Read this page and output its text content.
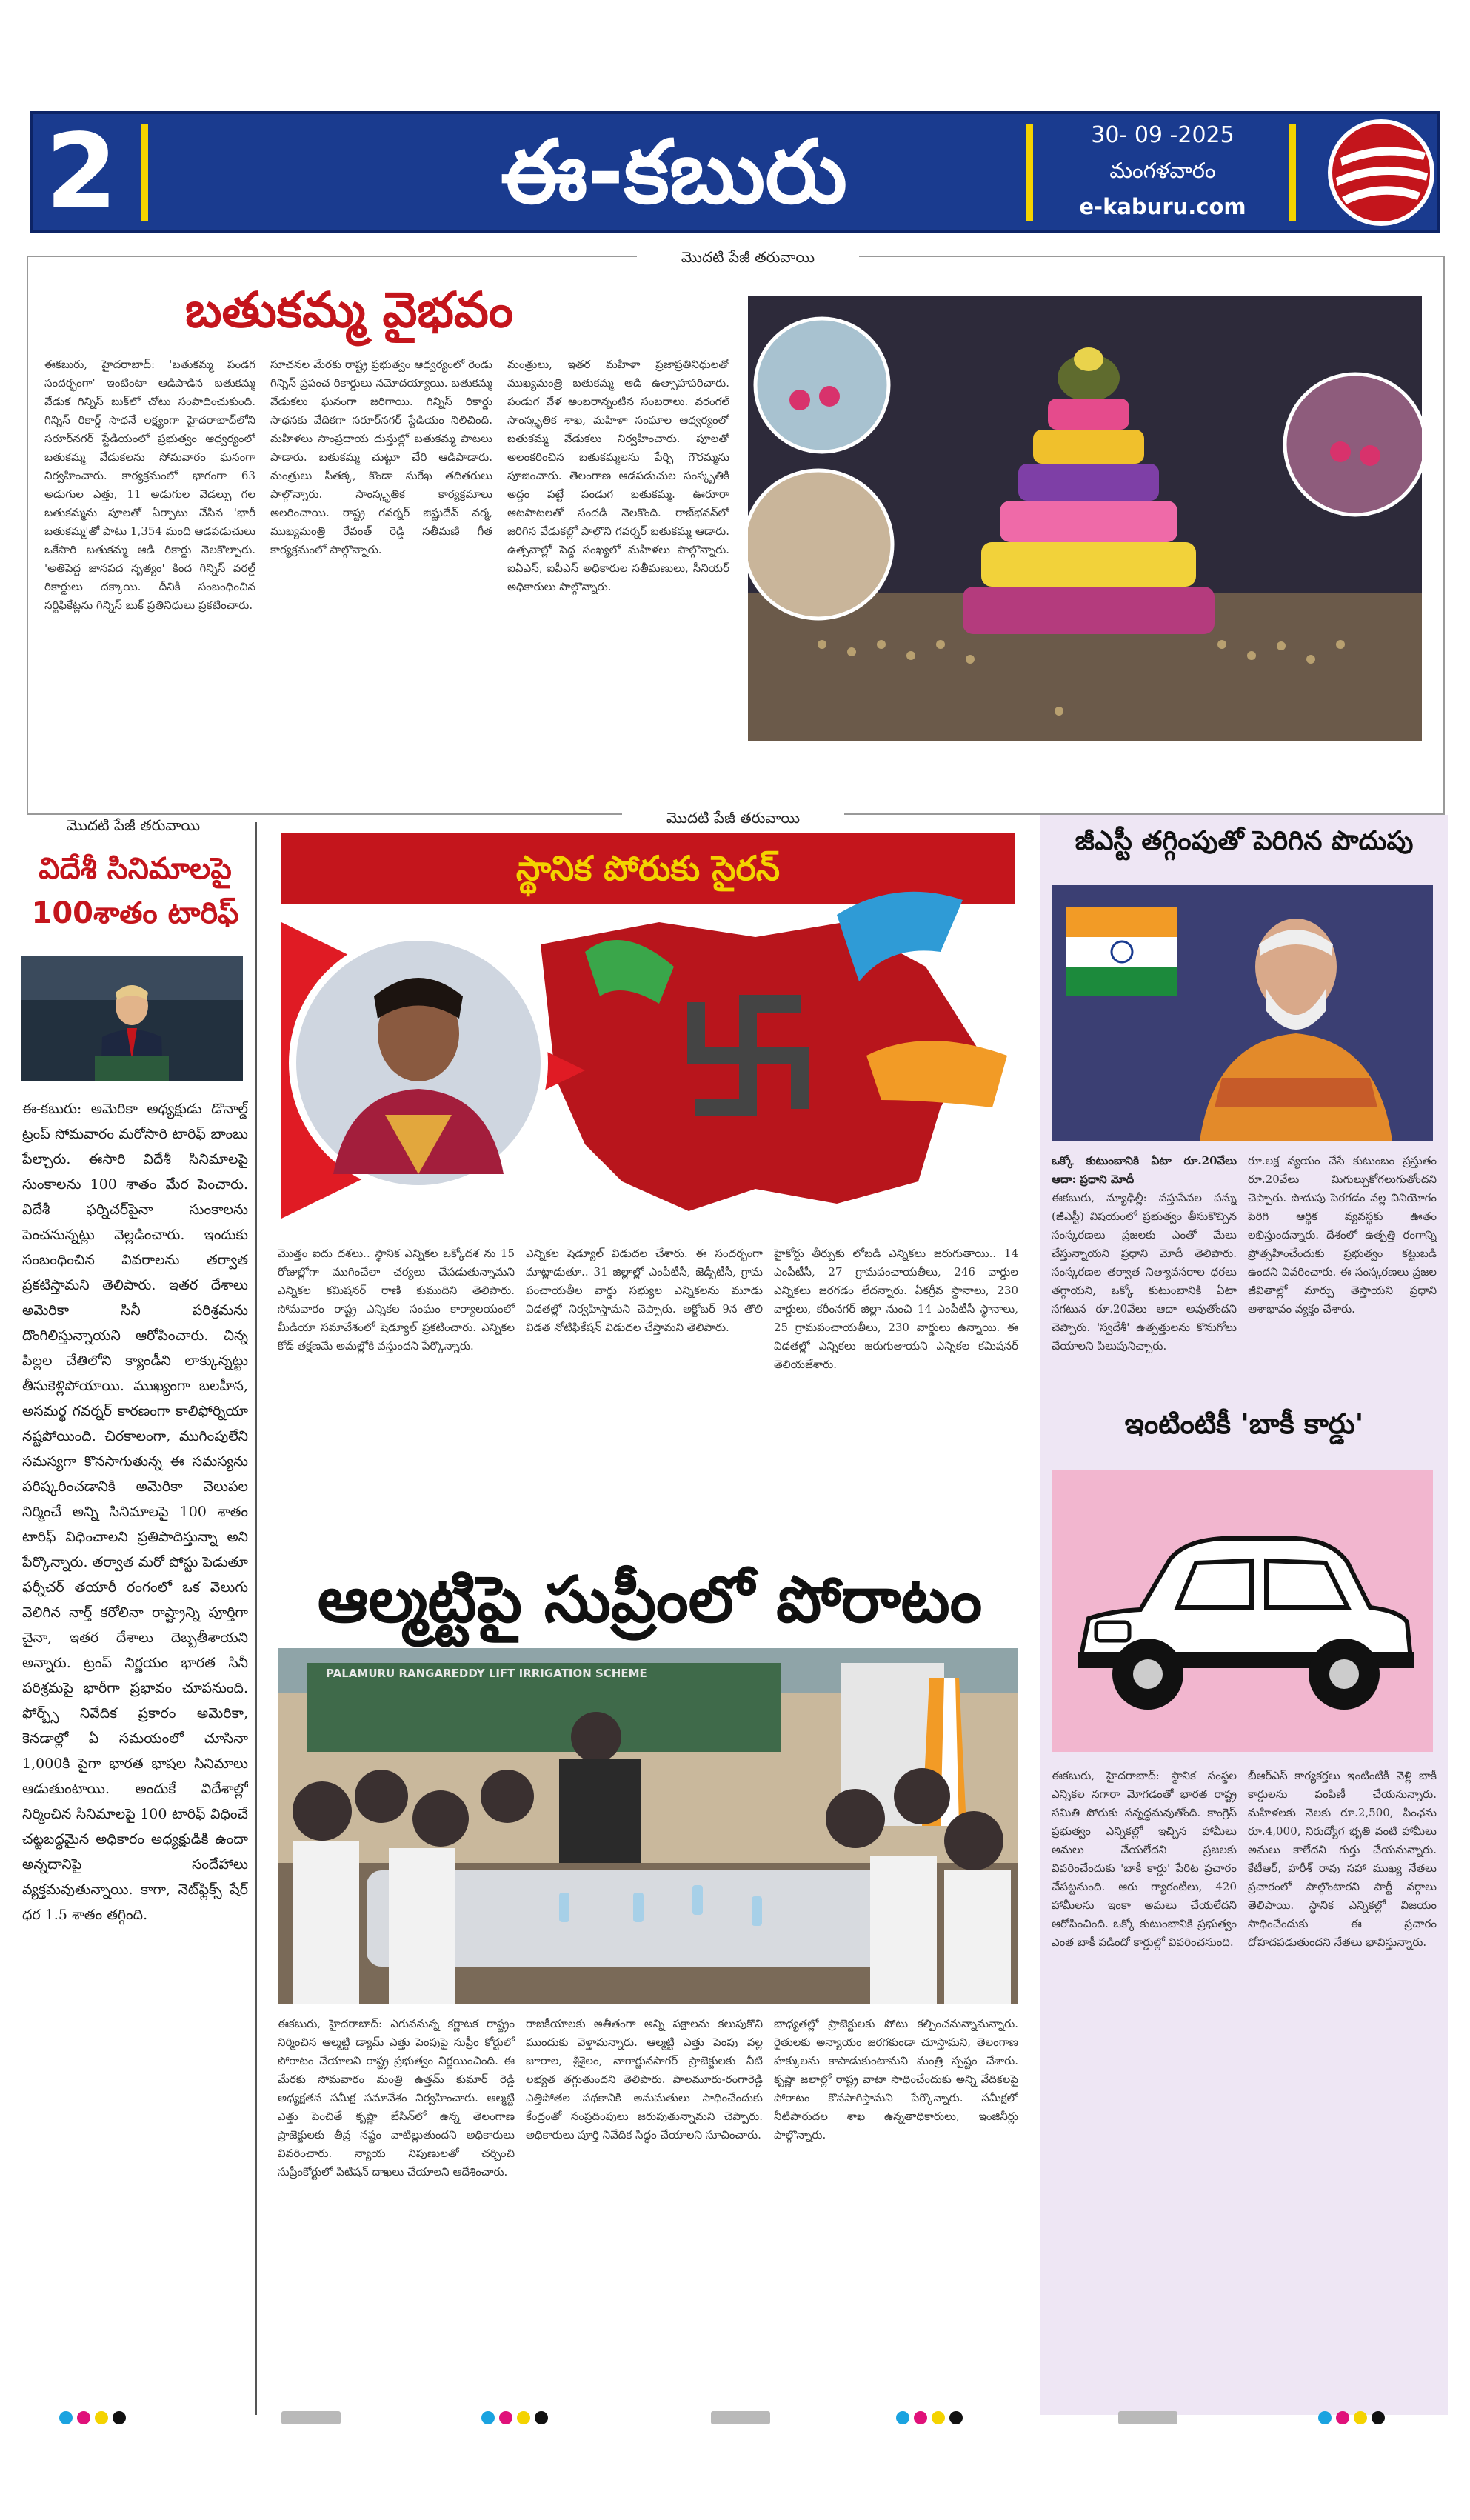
2	ఈ-కబురు	30- 09 -2025
మంగళవారం
e-kaburu.com
మొదటి పేజీ తరువాయి
బతుకమ్మ వైభవం

ఈకబురు, హైదరాబాద్: 'బతుకమ్మ పండగ సందర్భంగా' ఇంటింటా ఆడిపాడిన బతుకమ్మ వేడుక గిన్నిస్ బుక్‌లో చోటు సంపాదించుకుంది. గిన్నిస్ రికార్డ్ సాధనే లక్ష్యంగా హైదరాబాద్‌లోని సరూర్‌నగర్ స్టేడియంలో ప్రభుత్వం ఆధ్వర్యంలో బతుకమ్మ వేడుకలను సోమవారం ఘనంగా నిర్వహించారు. కార్యక్రమంలో భాగంగా 63 అడుగుల ఎత్తు, 11 అడుగుల వెడల్పు గల బతుకమ్మను పూలతో ఏర్పాటు చేసిన 'భారీ బతుకమ్మ'తో పాటు 1,354 మంది ఆడపడుచులు ఒకేసారి బతుకమ్మ ఆడి రికార్డు నెలకొల్పారు. 'అతిపెద్ద జానపద నృత్యం' కింద గిన్నిస్ వరల్డ్ రికార్డులు దక్కాయి. దీనికి సంబంధించిన సర్టిఫికేట్లను గిన్నిస్ బుక్ ప్రతినిధులు ప్రకటించారు.

సూచనల మేరకు రాష్ట్ర ప్రభుత్వం ఆధ్వర్యంలో రెండు గిన్నిస్ ప్రపంచ రికార్డులు నమోదయ్యాయి. బతుకమ్మ వేడుకలు ఘనంగా జరిగాయి. గిన్నిస్ రికార్డు సాధనకు వేదికగా సరూర్‌నగర్ స్టేడియం నిలిచింది. మహిళలు సాంప్రదాయ దుస్తుల్లో బతుకమ్మ పాటలు పాడారు. బతుకమ్మ చుట్టూ చేరి ఆడిపాడారు. మంత్రులు సీతక్క, కొండా సురేఖ తదితరులు పాల్గొన్నారు. సాంస్కృతిక కార్యక్రమాలు అలరించాయి. రాష్ట్ర గవర్నర్ జిష్ణుదేవ్ వర్మ, ముఖ్యమంత్రి రేవంత్ రెడ్డి సతీమణి గీత కార్యక్రమంలో పాల్గొన్నారు.

మంత్రులు, ఇతర మహిళా ప్రజాప్రతినిధులతో ముఖ్యమంత్రి బతుకమ్మ ఆడి ఉత్సాహపరిచారు. పండుగ వేళ అంబరాన్నంటిన సంబరాలు. వరంగల్ సాంస్కృతిక శాఖ, మహిళా సంఘాల ఆధ్వర్యంలో బతుకమ్మ వేడుకలు నిర్వహించారు. పూలతో అలంకరించిన బతుకమ్మలను పేర్చి గౌరమ్మను పూజించారు. తెలంగాణ ఆడపడుచుల సంస్కృతికి అద్దం పట్టే పండుగ బతుకమ్మ. ఊరూరా ఆటపాటలతో సందడి నెలకొంది. రాజ్‌భవన్‌లో జరిగిన వేడుకల్లో పాల్గొని గవర్నర్ బతుకమ్మ ఆడారు. ఉత్సవాల్లో పెద్ద సంఖ్యలో మహిళలు పాల్గొన్నారు. ఐఏఎస్, ఐపీఎస్ అధికారుల సతీమణులు, సీనియర్ అధికారులు పాల్గొన్నారు.

మొదటి పేజీ తరువాయి
విదేశీ సినిమాలపై
100శాతం టారిఫ్

ఈ-కబురు: అమెరికా అధ్యక్షుడు డొనాల్డ్ ట్రంప్ సోమవారం మరోసారి టారిఫ్ బాంబు పేల్చారు. ఈసారి విదేశీ సినిమాలపై సుంకాలను 100 శాతం మేర పెంచారు. విదేశీ ఫర్నిచర్‌పైనా సుంకాలను పెంచనున్నట్లు వెల్లడించారు. ఇందుకు సంబంధించిన వివరాలను తర్వాత ప్రకటిస్తామని తెలిపారు. ఇతర దేశాలు అమెరికా సినీ పరిశ్రమను దొంగిలిస్తున్నాయని ఆరోపించారు. చిన్న పిల్లల చేతిలోని క్యాండీని లాక్కున్నట్టు తీసుకెళ్లిపోయాయి. ముఖ్యంగా బలహీన, అసమర్థ గవర్నర్ కారణంగా కాలిఫోర్నియా నష్టపోయింది. చిరకాలంగా, ముగింపులేని సమస్యగా కొనసాగుతున్న ఈ సమస్యను పరిష్కరించడానికి అమెరికా వెలుపల నిర్మించే అన్ని సినిమాలపై 100 శాతం టారిఫ్ విధించాలని ప్రతిపాదిస్తున్నా అని పేర్కొన్నారు. తర్వాత మరో పోస్టు పెడుతూ ఫర్నీచర్ తయారీ రంగంలో ఒక వెలుగు వెలిగిన నార్త్ కరోలినా రాష్ట్రాన్ని పూర్తిగా చైనా, ఇతర దేశాలు దెబ్బతీశాయని అన్నారు. ట్రంప్ నిర్ణయం భారత సినీ పరిశ్రమపై భారీగా ప్రభావం చూపనుంది. ఫోర్బ్స్ నివేదిక ప్రకారం అమెరికా, కెనడాల్లో ఏ సమయంలో చూసినా 1,000కి పైగా భారత భాషల సినిమాలు ఆడుతుంటాయి. అందుకే విదేశాల్లో నిర్మించిన సినిమాలపై 100 టారిఫ్ విధించే చట్టబద్ధమైన అధికారం అధ్యక్షుడికి ఉందా అన్నదానిపై సందేహాలు వ్యక్తమవుతున్నాయి. కాగా, నెట్‌ఫ్లిక్స్ షేర్ ధర 1.5 శాతం తగ్గింది.

మొదటి పేజీ తరువాయి
స్థానిక పోరుకు సైరన్

మొత్తం ఐదు దశలు.. స్థానిక ఎన్నికల ఒక్కోదశ ను 15 రోజుల్లోగా ముగించేలా చర్యలు చేపడుతున్నామని ఎన్నికల కమిషనర్ రాణి కుముదిని తెలిపారు. సోమవారం రాష్ట్ర ఎన్నికల సంఘం కార్యాలయంలో మీడియా సమావేశంలో షెడ్యూల్ ప్రకటించారు. ఎన్నికల కోడ్ తక్షణమే అమల్లోకి వస్తుందని పేర్కొన్నారు.

ఎన్నికల షెడ్యూల్ విడుదల చేశారు. ఈ సందర్భంగా మాట్లాడుతూ.. 31 జిల్లాల్లో ఎంపీటీసీ, జెడ్పీటీసీ, గ్రామ పంచాయతీల వార్డు సభ్యుల ఎన్నికలను మూడు విడతల్లో నిర్వహిస్తామని చెప్పారు. అక్టోబర్ 9న తొలి విడత నోటిఫికేషన్ విడుదల చేస్తామని తెలిపారు.

హైకోర్టు తీర్పుకు లోబడి ఎన్నికలు జరుగుతాయి.. 14 ఎంపీటీసీ, 27 గ్రామపంచాయతీలు, 246 వార్డుల ఎన్నికలు జరగడం లేదన్నారు. ఏకగ్రీవ స్థానాలు, 230 వార్డులు, కరీంనగర్ జిల్లా నుంచి 14 ఎంపీటీసీ స్థానాలు, 25 గ్రామపంచాయతీలు, 230 వార్డులు ఉన్నాయి. ఈ విడతల్లో ఎన్నికలు జరుగుతాయని ఎన్నికల కమిషనర్ తెలియజేశారు.

ఆల్మట్టిపై సుప్రీంలో పోరాటం
PALAMURU RANGAREDDY LIFT IRRIGATION SCHEME

ఈకబురు, హైదరాబాద్: ఎగువనున్న కర్ణాటక రాష్ట్రం నిర్మించిన ఆల్మట్టి డ్యామ్ ఎత్తు పెంపుపై సుప్రీం కోర్టులో పోరాటం చేయాలని రాష్ట్ర ప్రభుత్వం నిర్ణయించింది. ఈ మేరకు సోమవారం మంత్రి ఉత్తమ్ కుమార్ రెడ్డి అధ్యక్షతన సమీక్ష సమావేశం నిర్వహించారు. ఆల్మట్టి ఎత్తు పెంచితే కృష్ణా బేసిన్‌లో ఉన్న తెలంగాణ ప్రాజెక్టులకు తీవ్ర నష్టం వాటిల్లుతుందని అధికారులు వివరించారు. న్యాయ నిపుణులతో చర్చించి సుప్రీంకోర్టులో పిటిషన్ దాఖలు చేయాలని ఆదేశించారు.

రాజకీయాలకు అతీతంగా అన్ని పక్షాలను కలుపుకొని ముందుకు వెళ్తామన్నారు. ఆల్మట్టి ఎత్తు పెంపు వల్ల జూరాల, శ్రీశైలం, నాగార్జునసాగర్ ప్రాజెక్టులకు నీటి లభ్యత తగ్గుతుందని తెలిపారు. పాలమూరు-రంగారెడ్డి ఎత్తిపోతల పథకానికి అనుమతులు సాధించేందుకు కేంద్రంతో సంప్రదింపులు జరుపుతున్నామని చెప్పారు. అధికారులు పూర్తి నివేదిక సిద్ధం చేయాలని సూచించారు.

బాధ్యతల్లో ప్రాజెక్టులకు పోటు కల్పించనున్నామన్నారు. రైతులకు అన్యాయం జరగకుండా చూస్తామని, తెలంగాణ హక్కులను కాపాడుకుంటామని మంత్రి స్పష్టం చేశారు. కృష్ణా జలాల్లో రాష్ట్ర వాటా సాధించేందుకు అన్ని వేదికలపై పోరాటం కొనసాగిస్తామని పేర్కొన్నారు. సమీక్షలో నీటిపారుదల శాఖ ఉన్నతాధికారులు, ఇంజినీర్లు పాల్గొన్నారు.

జీఎస్టీ తగ్గింపుతో పెరిగిన పొదుపు

ఒక్కో కుటుంబానికి ఏటా రూ.20వేలు ఆదా: ప్రధాని మోదీ

ఈకబురు, న్యూఢిల్లీ: వస్తుసేవల పన్ను (జీఎస్టీ) విషయంలో ప్రభుత్వం తీసుకొచ్చిన సంస్కరణలు ప్రజలకు ఎంతో మేలు చేస్తున్నాయని ప్రధాని మోదీ తెలిపారు. సంస్కరణల తర్వాత నిత్యావసరాల ధరలు తగ్గాయని, ఒక్కో కుటుంబానికి ఏటా సగటున రూ.20వేలు ఆదా అవుతోందని చెప్పారు. 'స్వదేశీ' ఉత్పత్తులను కొనుగోలు చేయాలని పిలుపునిచ్చారు.

రూ.లక్ష వ్యయం చేసే కుటుంబం ప్రస్తుతం రూ.20వేలు మిగుల్చుకోగలుగుతోందని చెప్పారు. పొదుపు పెరగడం వల్ల వినియోగం పెరిగి ఆర్థిక వ్యవస్థకు ఊతం లభిస్తుందన్నారు. దేశంలో ఉత్పత్తి రంగాన్ని ప్రోత్సహించేందుకు ప్రభుత్వం కట్టుబడి ఉందని వివరించారు. ఈ సంస్కరణలు ప్రజల జీవితాల్లో మార్పు తెస్తాయని ప్రధాని ఆశాభావం వ్యక్తం చేశారు.

ఇంటింటికీ 'బాకీ కార్డు'

ఈకబురు, హైదరాబాద్: స్థానిక సంస్థల ఎన్నికల నగారా మోగడంతో భారత రాష్ట్ర సమితి పోరుకు సన్నద్ధమవుతోంది. కాంగ్రెస్ ప్రభుత్వం ఎన్నికల్లో ఇచ్చిన హామీలు అమలు చేయలేదని ప్రజలకు వివరించేందుకు 'బాకీ కార్డు' పేరిట ప్రచారం చేపట్టనుంది. ఆరు గ్యారంటీలు, 420 హామీలను ఇంకా అమలు చేయలేదని ఆరోపించింది. ఒక్కో కుటుంబానికి ప్రభుత్వం ఎంత బాకీ పడిందో కార్డుల్లో వివరించనుంది.

బీఆర్ఎస్ కార్యకర్తలు ఇంటింటికీ వెళ్లి బాకీ కార్డులను పంపిణీ చేయనున్నారు. మహిళలకు నెలకు రూ.2,500, పింఛను రూ.4,000, నిరుద్యోగ భృతి వంటి హామీలు అమలు కాలేదని గుర్తు చేయనున్నారు. కేటీఆర్, హరీశ్ రావు సహా ముఖ్య నేతలు ప్రచారంలో పాల్గొంటారని పార్టీ వర్గాలు తెలిపాయి. స్థానిక ఎన్నికల్లో విజయం సాధించేందుకు ఈ ప్రచారం దోహదపడుతుందని నేతలు భావిస్తున్నారు.
